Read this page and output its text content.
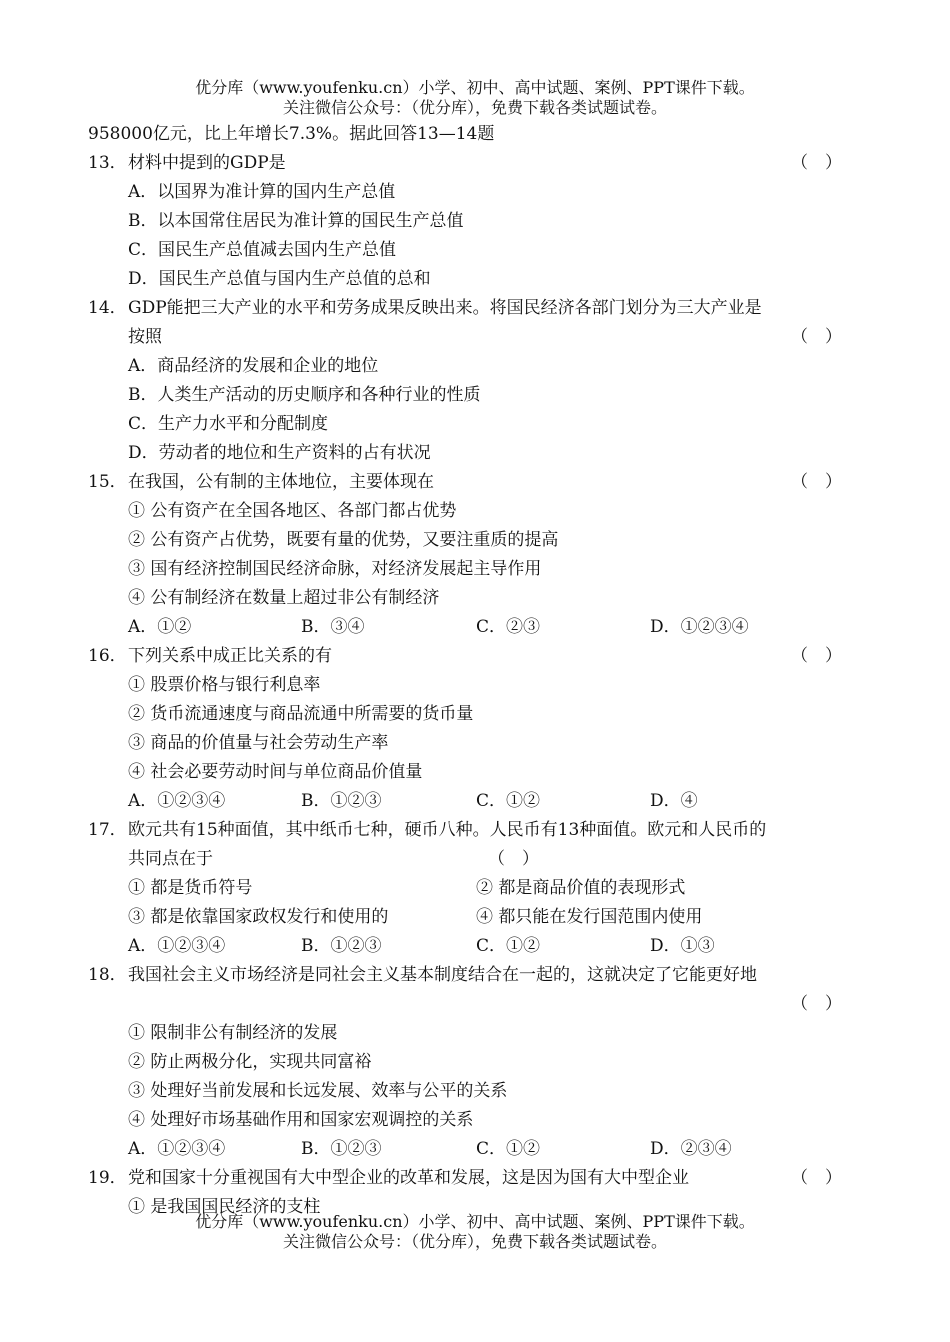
优分库（www.youfenku.cn）小学、初中、高中试题、案例、PPT课件下载。
关注微信公众号：（优分库），免费下载各类试题试卷。
958000亿元，比上年增长7.3%。据此回答13—14题
13．材料中提到的GDP是	（　）
A．以国界为准计算的国内生产总值
B．以本国常住居民为准计算的国民生产总值
C．国民生产总值减去国内生产总值
D．国民生产总值与国内生产总值的总和
14．GDP能把三大产业的水平和劳务成果反映出来。将国民经济各部门划分为三大产业是
按照	（　）
A．商品经济的发展和企业的地位
B．人类生产活动的历史顺序和各种行业的性质
C．生产力水平和分配制度
D．劳动者的地位和生产资料的占有状况
15．在我国，公有制的主体地位，主要体现在	（　）
① 公有资产在全国各地区、各部门都占优势
② 公有资产占优势，既要有量的优势，又要注重质的提高
③ 国有经济控制国民经济命脉，对经济发展起主导作用
④ 公有制经济在数量上超过非公有制经济
A．①②	B．③④	C．②③	D．①②③④
16．下列关系中成正比关系的有	（　）
① 股票价格与银行利息率
② 货币流通速度与商品流通中所需要的货币量
③ 商品的价值量与社会劳动生产率
④ 社会必要劳动时间与单位商品价值量
A．①②③④	B．①②③	C．①②	D．④
17．欧元共有15种面值，其中纸币七种，硬币八种。人民币有13种面值。欧元和人民币的
共同点在于	（　）
① 都是货币符号	② 都是商品价值的表现形式
③ 都是依靠国家政权发行和使用的	④ 都只能在发行国范围内使用
A．①②③④	B．①②③	C．①②	D．①③
18．我国社会主义市场经济是同社会主义基本制度结合在一起的，这就决定了它能更好地
（　）
① 限制非公有制经济的发展
② 防止两极分化，实现共同富裕
③ 处理好当前发展和长远发展、效率与公平的关系
④ 处理好市场基础作用和国家宏观调控的关系
A．①②③④	B．①②③	C．①②	D．②③④
19．党和国家十分重视国有大中型企业的改革和发展，这是因为国有大中型企业	（　）
① 是我国国民经济的支柱
优分库（www.youfenku.cn）小学、初中、高中试题、案例、PPT课件下载。
关注微信公众号：（优分库），免费下载各类试题试卷。
